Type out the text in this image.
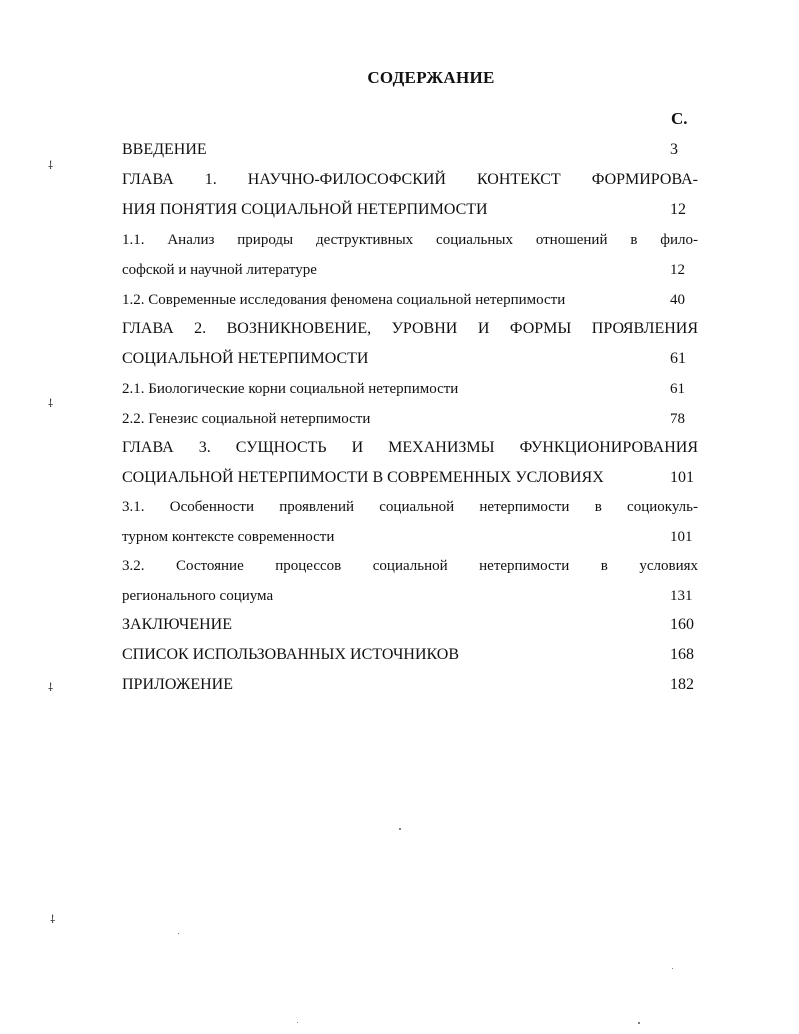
СОДЕРЖАНИЕ
С.
ВВЕДЕНИЕ	3
ГЛАВА 1. НАУЧНО-ФИЛОСОФСКИЙ КОНТЕКСТ ФОРМИРОВА-
НИЯ ПОНЯТИЯ СОЦИАЛЬНОЙ НЕТЕРПИМОСТИ	12
1.1. Анализ природы деструктивных социальных отношений в фило-
софской и научной литературе	12
1.2. Современные исследования феномена социальной нетерпимости	40
ГЛАВА 2. ВОЗНИКНОВЕНИЕ, УРОВНИ И ФОРМЫ ПРОЯВЛЕНИЯ
СОЦИАЛЬНОЙ НЕТЕРПИМОСТИ	61
2.1. Биологические корни социальной нетерпимости	61
2.2. Генезис социальной нетерпимости	78
ГЛАВА 3. СУЩНОСТЬ И МЕХАНИЗМЫ ФУНКЦИОНИРОВАНИЯ
СОЦИАЛЬНОЙ НЕТЕРПИМОСТИ В СОВРЕМЕННЫХ УСЛОВИЯХ	101
3.1. Особенности проявлений социальной нетерпимости в социокуль-
турном контексте современности	101
3.2. Состояние процессов социальной нетерпимости в условиях
регионального социума	131
ЗАКЛЮЧЕНИЕ	160
СПИСОК ИСПОЛЬЗОВАННЫХ ИСТОЧНИКОВ	168
ПРИЛОЖЕНИЕ	182
⸸
⸸
⸸
⸸
